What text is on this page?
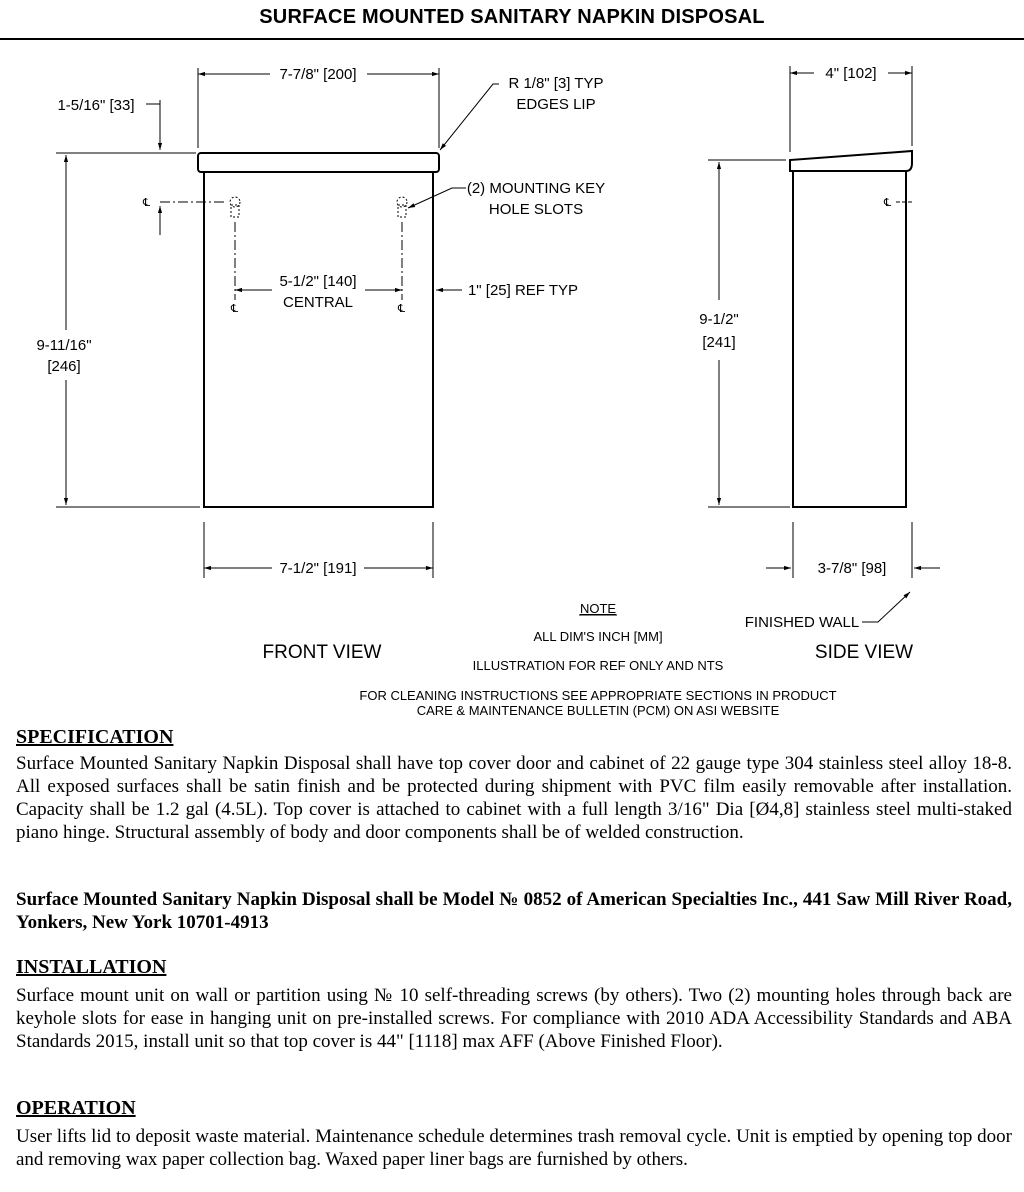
SURFACE MOUNTED SANITARY NAPKIN DISPOSAL
℄
℄	℄
7-7/8" [200]
1-5/16" [33]
R 1/8" [3] TYP
EDGES LIP
(2) MOUNTING KEY
HOLE SLOTS
5-1/2" [140]
CENTRAL
1" [25] REF TYP
9-11/16"
[246]
7-1/2" [191]
FRONT VIEW
℄
4" [102]
9-1/2"
[241]
3-7/8" [98]
FINISHED WALL
SIDE VIEW
NOTE
ALL DIM'S INCH [MM]
ILLUSTRATION FOR REF ONLY AND NTS
FOR CLEANING INSTRUCTIONS SEE APPROPRIATE SECTIONS IN PRODUCT
CARE & MAINTENANCE BULLETIN (PCM) ON ASI WEBSITE
SPECIFICATION
Surface Mounted Sanitary Napkin Disposal shall have top cover door and cabinet of 22 gauge type 304 stainless steel alloy 18-8. All exposed surfaces shall be satin finish and be protected during shipment with PVC film easily removable after installation. Capacity shall be 1.2 gal (4.5L). Top cover is attached to cabinet with a full length 3/16" Dia [Ø4,8] stainless steel multi-staked piano hinge. Structural assembly of body and door components shall be of welded construction.
Surface Mounted Sanitary Napkin Disposal shall be Model № 0852 of American Specialties Inc., 441 Saw Mill River Road, Yonkers, New York 10701-4913
INSTALLATION
Surface mount unit on wall or partition using № 10 self-threading screws (by others). Two (2) mounting holes through back are keyhole slots for ease in hanging unit on pre-installed screws. For compliance with 2010 ADA Accessibility Standards and ABA Standards 2015, install unit so that top cover is 44" [1118] max AFF (Above Finished Floor).
OPERATION
User lifts lid to deposit waste material. Maintenance schedule determines trash removal cycle. Unit is emptied by opening top door and removing wax paper collection bag. Waxed paper liner bags are furnished by others.
